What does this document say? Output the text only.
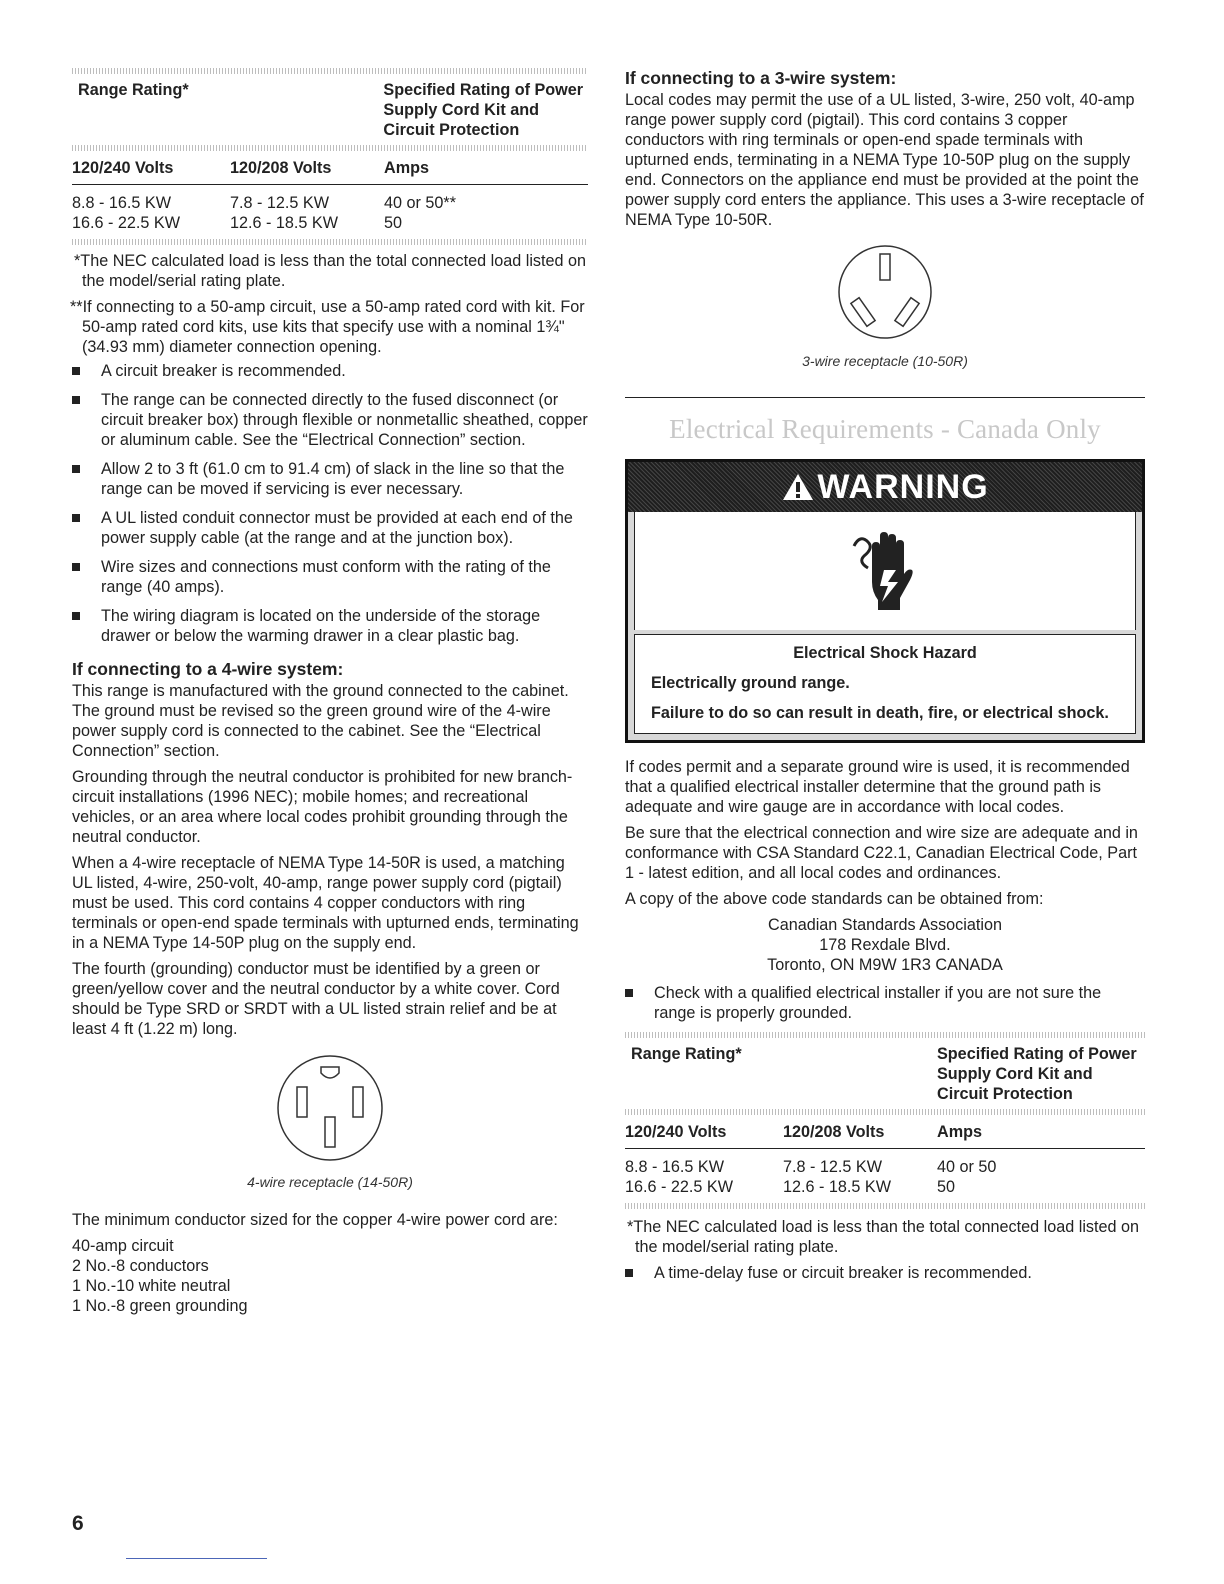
Range Rating*	Specified Rating of Power Supply Cord Kit and Circuit Protection
120/240 Volts	120/208 Volts	Amps
8.8 - 16.5 KW	7.8 - 12.5 KW	40 or 50**
16.6 - 22.5 KW	12.6 - 18.5 KW	50

*The NEC calculated load is less than the total connected load listed on the model/serial rating plate.

**If connecting to a 50-amp circuit, use a 50-amp rated cord with kit. For 50-amp rated cord kits, use kits that specify use with a nominal 1¾" (34.93 mm) diameter connection opening.

A circuit breaker is recommended.
The range can be connected directly to the fused disconnect (or circuit breaker box) through flexible or nonmetallic sheathed, copper or aluminum cable. See the “Electrical Connection” section.
Allow 2 to 3 ft (61.0 cm to 91.4 cm) of slack in the line so that the range can be moved if servicing is ever necessary.
A UL listed conduit connector must be provided at each end of the power supply cable (at the range and at the junction box).
Wire sizes and connections must conform with the rating of the range (40 amps).
The wiring diagram is located on the underside of the storage drawer or below the warming drawer in a clear plastic bag.
If connecting to a 4-wire system:

This range is manufactured with the ground connected to the cabinet. The ground must be revised so the green ground wire of the 4-wire power supply cord is connected to the cabinet. See the “Electrical Connection” section.

Grounding through the neutral conductor is prohibited for new branch-circuit installations (1996 NEC); mobile homes; and recreational vehicles, or an area where local codes prohibit grounding through the neutral conductor.

When a 4-wire receptacle of NEMA Type 14-50R is used, a matching UL listed, 4-wire, 250-volt, 40-amp, range power supply cord (pigtail) must be used. This cord contains 4 copper conductors with ring terminals or open-end spade terminals with upturned ends, terminating in a NEMA Type 14-50P plug on the supply end.

The fourth (grounding) conductor must be identified by a green or green/yellow cover and the neutral conductor by a white cover. Cord should be Type SRD or SRDT with a UL listed strain relief and be at least 4 ft (1.22 m) long.

4-wire receptacle (14-50R)

The minimum conductor sized for the copper 4-wire power cord are:

40-amp circuit

2 No.-8 conductors

1 No.-10 white neutral

1 No.-8 green grounding

If connecting to a 3-wire system:

Local codes may permit the use of a UL listed, 3-wire, 250 volt, 40-amp range power supply cord (pigtail). This cord contains 3 copper conductors with ring terminals or open-end spade terminals with upturned ends, terminating in a NEMA Type 10-50P plug on the supply end. Connectors on the appliance end must be provided at the point the power supply cord enters the appliance. This uses a 3-wire receptacle of NEMA Type 10-50R.

3-wire receptacle (10-50R)
Electrical Requirements - Canada Only
WARNING
Electrical Shock Hazard
Electrically ground range.
Failure to do so can result in death, fire, or electrical shock.

If codes permit and a separate ground wire is used, it is recommended that a qualified electrical installer determine that the ground path is adequate and wire gauge are in accordance with local codes.

Be sure that the electrical connection and wire size are adequate and in conformance with CSA Standard C22.1, Canadian Electrical Code, Part 1 - latest edition, and all local codes and ordinances.

A copy of the above code standards can be obtained from:

Canadian Standards Association

178 Rexdale Blvd.

Toronto, ON M9W 1R3 CANADA

Check with a qualified electrical installer if you are not sure the range is properly grounded.
Range Rating*	Specified Rating of Power Supply Cord Kit and Circuit Protection
120/240 Volts	120/208 Volts	Amps
8.8 - 16.5 KW	7.8 - 12.5 KW	40 or 50
16.6 - 22.5 KW	12.6 - 18.5 KW	50

*The NEC calculated load is less than the total connected load listed on the model/serial rating plate.

A time-delay fuse or circuit breaker is recommended.
6
